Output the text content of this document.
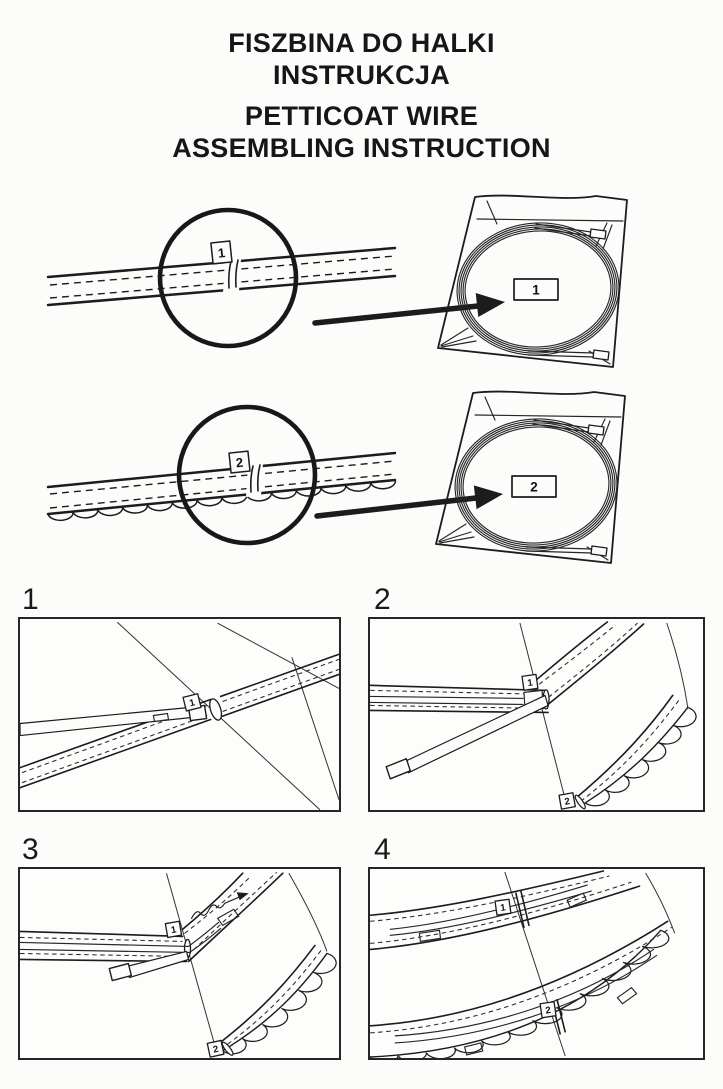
FISZBINA DO HALKI
INSTRUKCJA
PETTICOAT WIRE
ASSEMBLING INSTRUCTION
1
1
2
2
1
1
2
1
2
3
1
2
4
1
2
